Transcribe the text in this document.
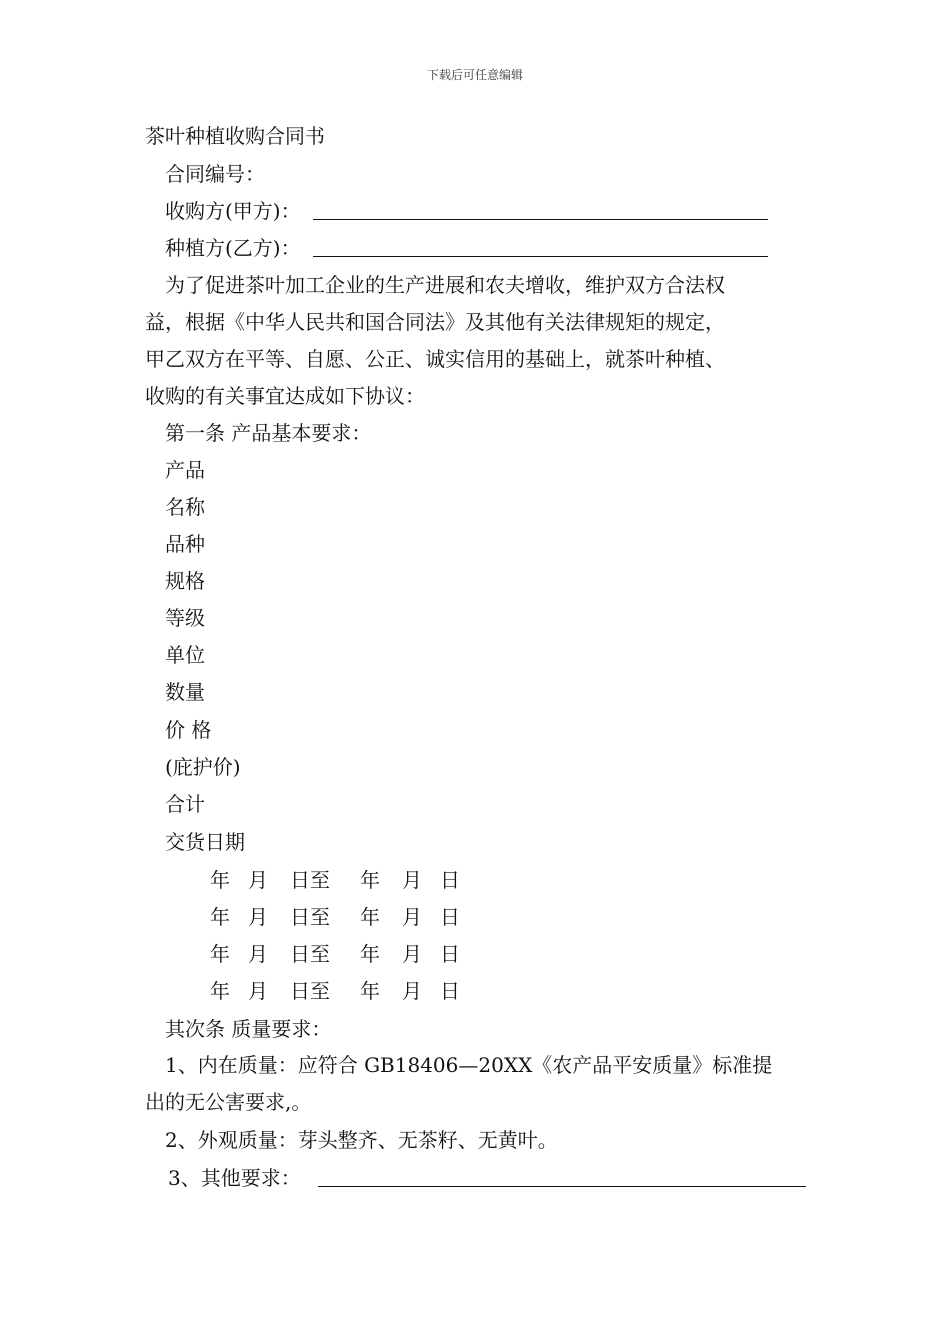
下载后可任意编辑
茶叶种植收购合同书
合同编号：
收购方(甲方)：
种植方(乙方)：
为了促进茶叶加工企业的生产进展和农夫增收，维护双方合法权
益，根据《中华人民共和国合同法》及其他有关法律规矩的规定，
甲乙双方在平等、自愿、公正、诚实信用的基础上，就茶叶种植、
收购的有关事宜达成如下协议：
第一条 产品基本要求：
产品
名称
品种
规格
等级
单位
数量
价 格
(庇护价)
合计
交货日期
年 月 日至 年 月 日
年 月 日至 年 月 日
年 月 日至 年 月 日
年 月 日至 年 月 日
其次条 质量要求：
1、内在质量：应符合 GB18406—20XX《农产品平安质量》标准提
出的无公害要求,。
2、外观质量：芽头整齐、无茶籽、无黄叶。
3、其他要求：
